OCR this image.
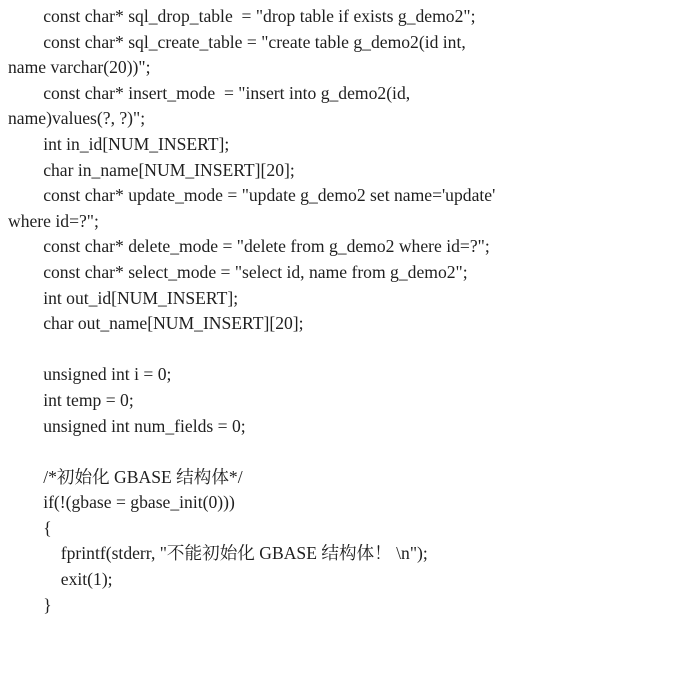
const char* sql_drop_table  = "drop table if exists g_demo2";
const char* sql_create_table = "create table g_demo2(id int,
name varchar(20))";
const char* insert_mode  = "insert into g_demo2(id,
name)values(?, ?)";
int in_id[NUM_INSERT];
char in_name[NUM_INSERT][20];
const char* update_mode = "update g_demo2 set name='update'
where id=?";
const char* delete_mode = "delete from g_demo2 where id=?";
const char* select_mode = "select id, name from g_demo2";
int out_id[NUM_INSERT];
char out_name[NUM_INSERT][20];
unsigned int i = 0;
int temp = 0;
unsigned int num_fields = 0;
/*初始化 GBASE 结构体*/
if(!(gbase = gbase_init(0)))
{
fprintf(stderr, "不能初始化 GBASE 结构体！ \n");
exit(1);
}
